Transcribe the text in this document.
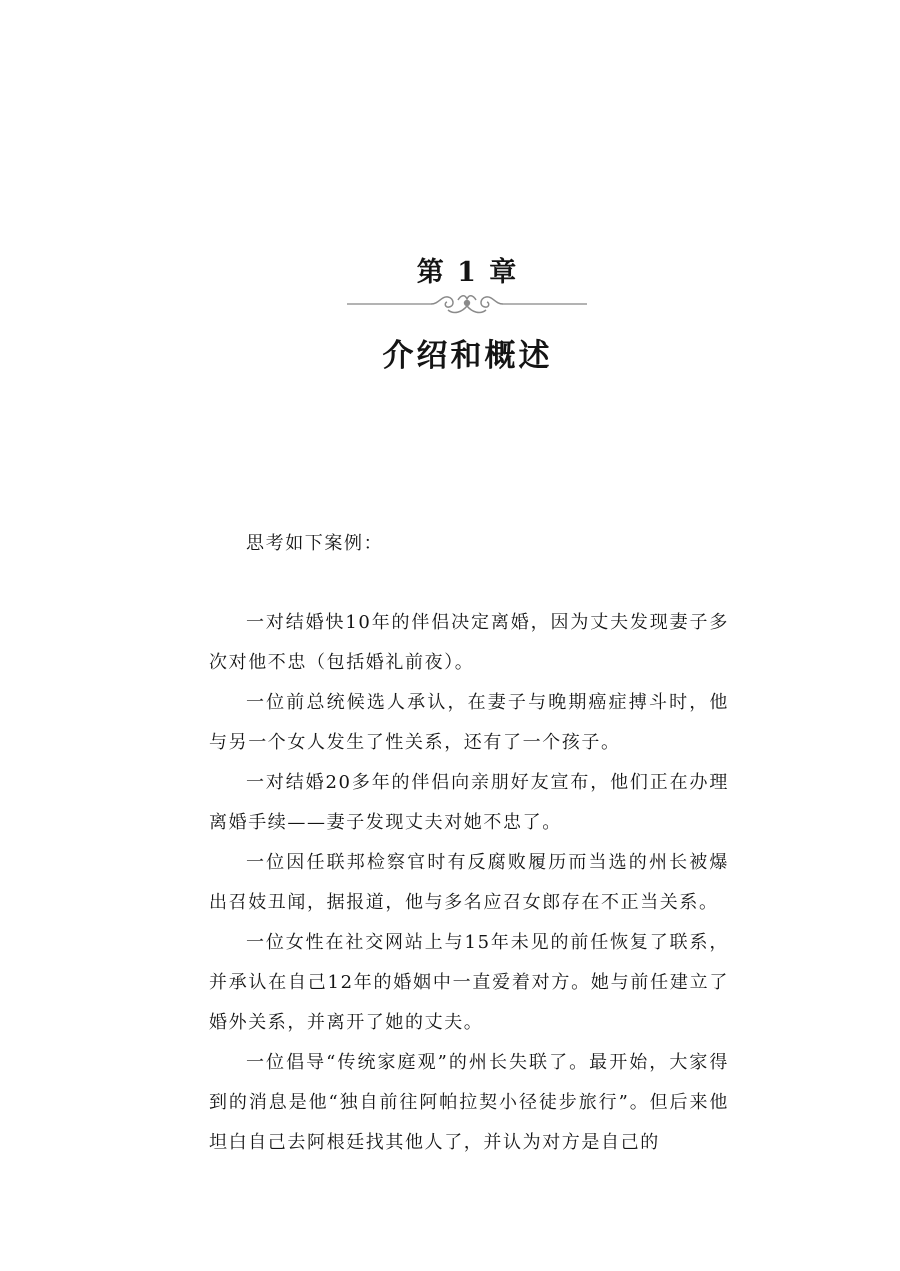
第 1 章
介绍和概述
思考如下案例：

一对结婚快10年的伴侣决定离婚，因为丈夫发现妻子多次对他不忠（包括婚礼前夜）。

一位前总统候选人承认，在妻子与晚期癌症搏斗时，他与另一个女人发生了性关系，还有了一个孩子。

一对结婚20多年的伴侣向亲朋好友宣布，他们正在办理离婚手续——妻子发现丈夫对她不忠了。

一位因任联邦检察官时有反腐败履历而当选的州长被爆出召妓丑闻，据报道，他与多名应召女郎存在不正当关系。

一位女性在社交网站上与15年未见的前任恢复了联系，并承认在自己12年的婚姻中一直爱着对方。她与前任建立了婚外关系，并离开了她的丈夫。

一位倡导“传统家庭观”的州长失联了。最开始，大家得到的消息是他“独自前往阿帕拉契小径徒步旅行”。但后来他坦白自己去阿根廷找其他人了，并认为对方是自己的
